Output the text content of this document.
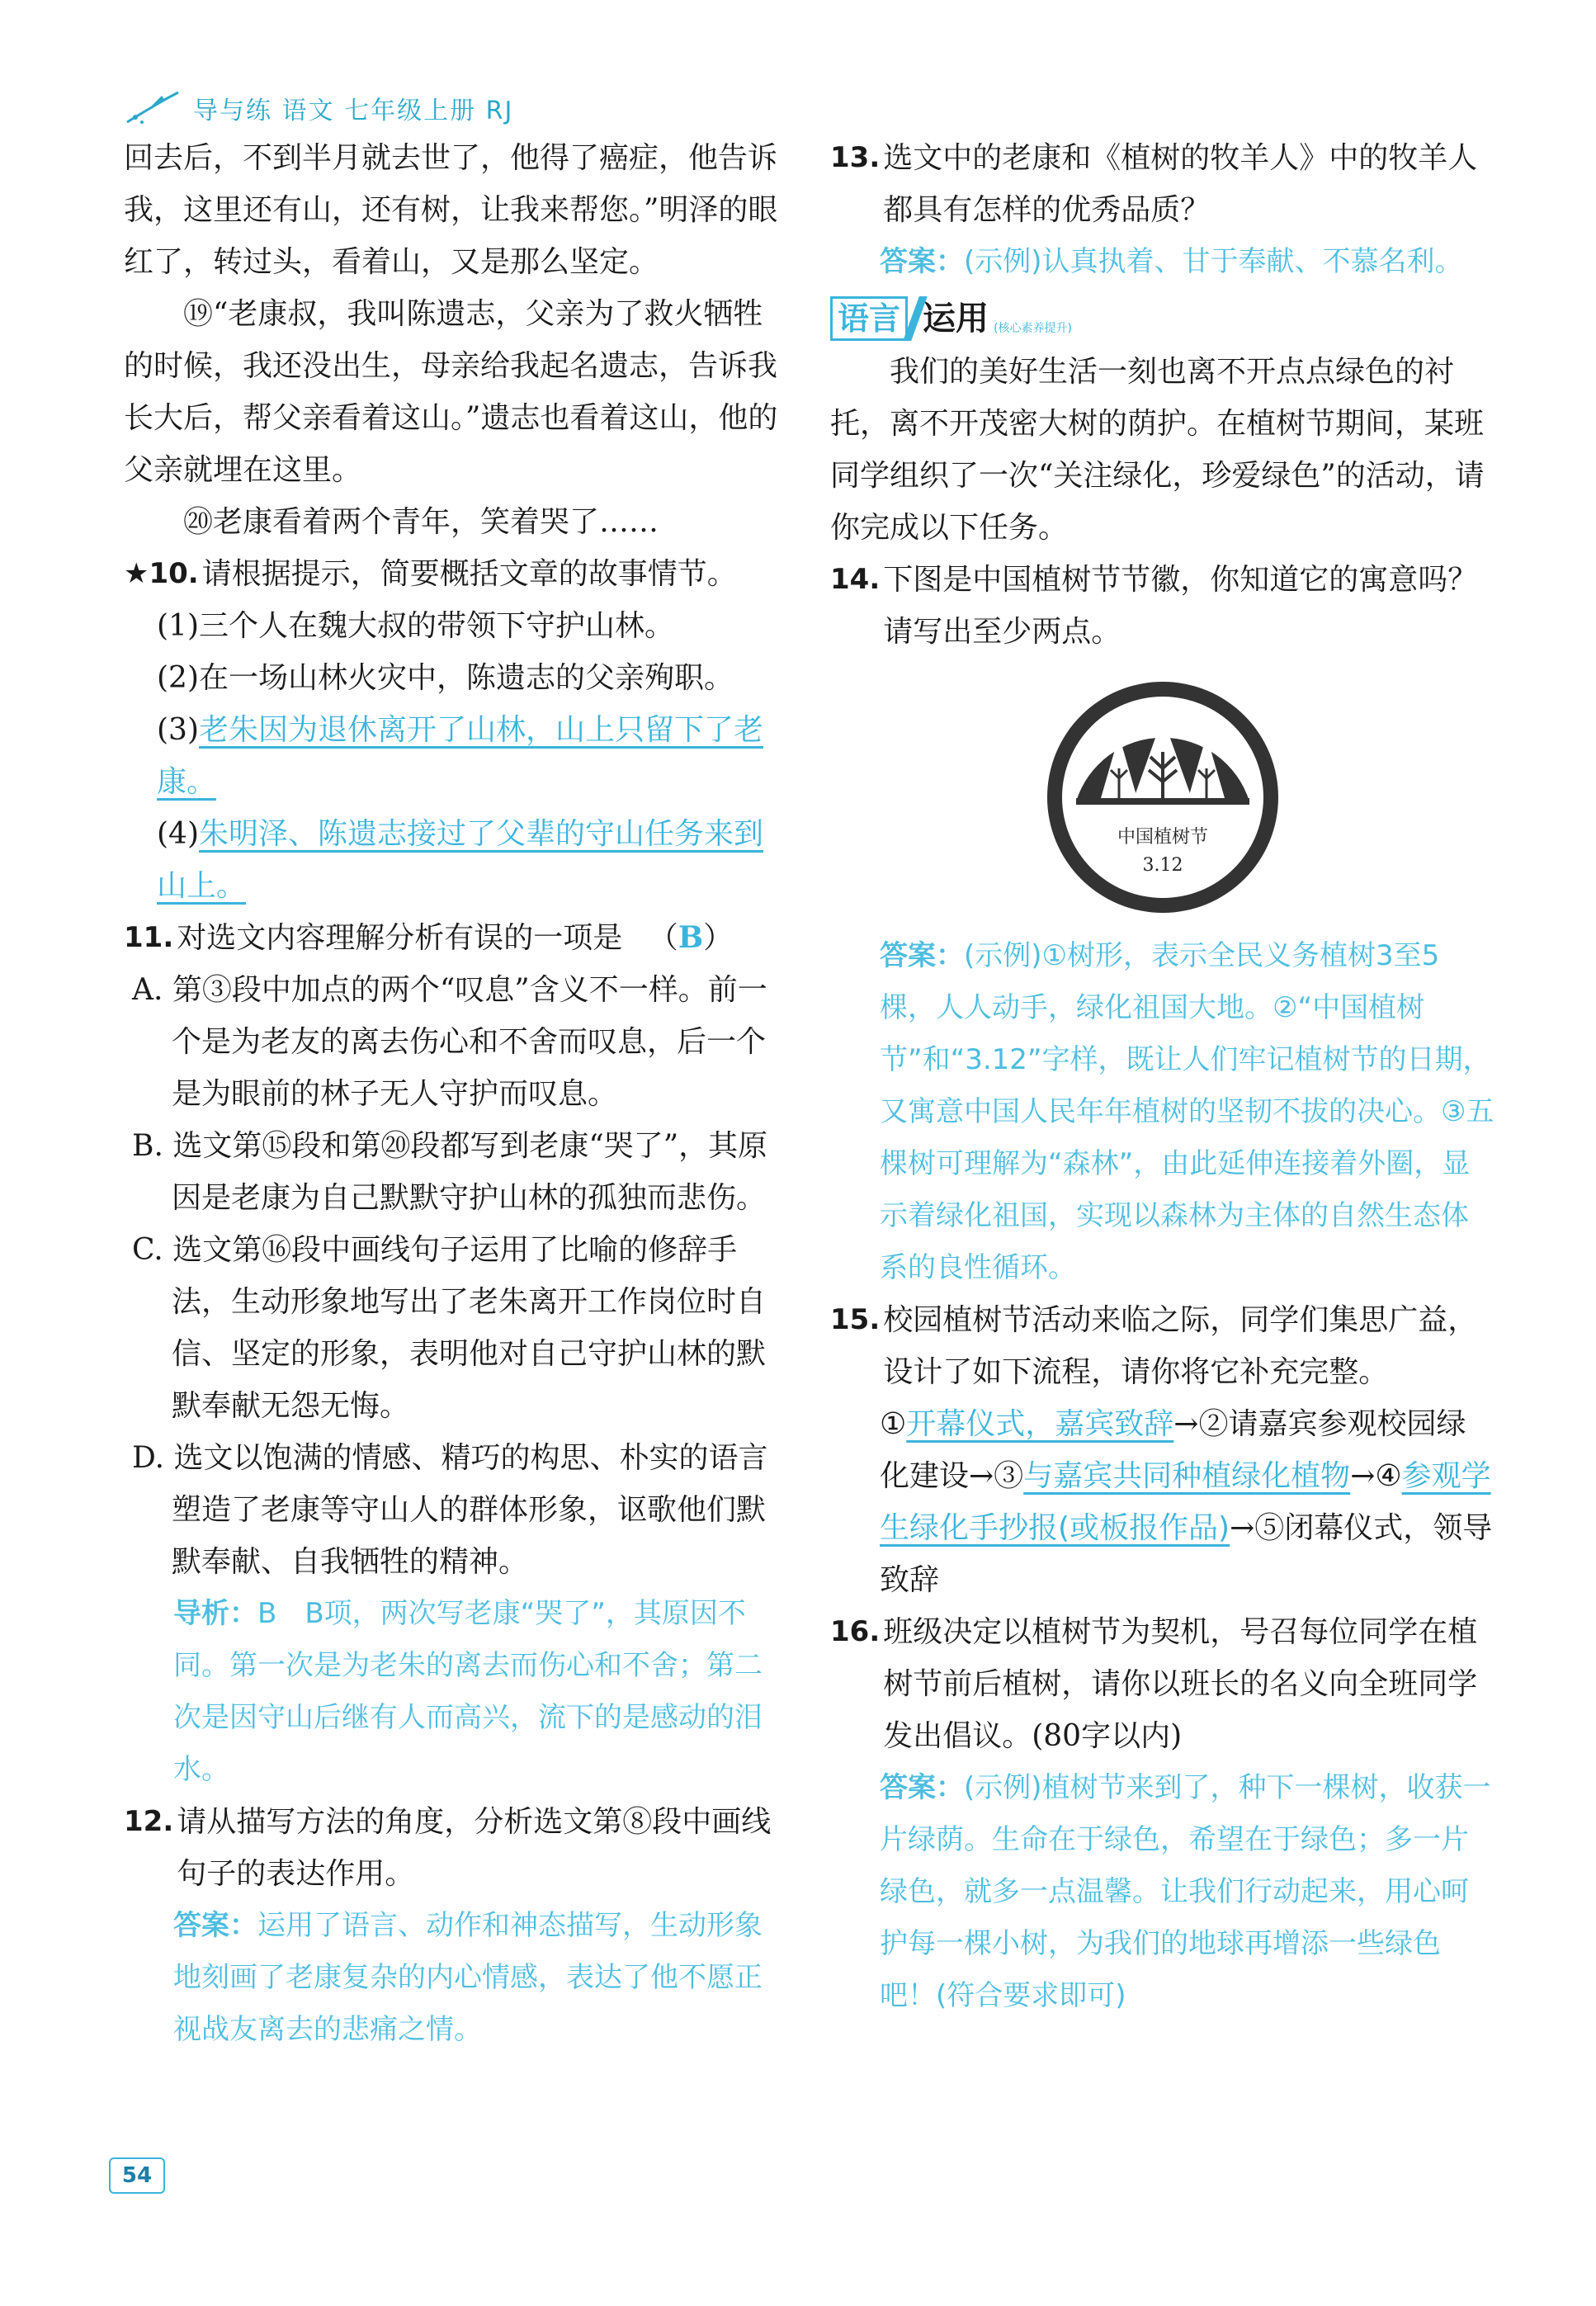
导与练 语文 七年级上册 RJ

回去后，不到半月就去世了，他得了癌症，他告诉我，这里还有山，还有树，让我来帮您。”明泽的眼红了，转过头，看着山，又是那么坚定。

⑲“老康叔，我叫陈遗志，父亲为了救火牺牲的时候，我还没出生，母亲给我起名遗志，告诉我长大后，帮父亲看着这山。”遗志也看着这山，他的父亲就埋在这里。

⑳老康看着两个青年，笑着哭了……

★10. 请根据提示，简要概括文章的故事情节。

(1)三个人在魏大叔的带领下守护山林。

(2)在一场山林火灾中，陈遗志的父亲殉职。

(3)老朱因为退休离开了山林，山上只留下了老康。

(4)朱明泽、陈遗志接过了父辈的守山任务来到山上。

11. 对选文内容理解分析有误的一项是 （B）

A. 第③段中加点的两个“叹息”含义不一样。前一个是为老友的离去伤心和不舍而叹息，后一个是为眼前的林子无人守护而叹息。

B. 选文第⑮段和第⑳段都写到老康“哭了”，其原因是老康为自己默默守护山林的孤独而悲伤。

C. 选文第⑯段中画线句子运用了比喻的修辞手法，生动形象地写出了老朱离开工作岗位时自信、坚定的形象，表明他对自己守护山林的默默奉献无怨无悔。

D. 选文以饱满的情感、精巧的构思、朴实的语言塑造了老康等守山人的群体形象，讴歌他们默默奉献、自我牺牲的精神。

导析：B　B项，两次写老康“哭了”，其原因不同。第一次是为老朱的离去而伤心和不舍；第二次是因守山后继有人而高兴，流下的是感动的泪水。

12. 请从描写方法的角度，分析选文第⑧段中画线句子的表达作用。

答案：运用了语言、动作和神态描写，生动形象地刻画了老康复杂的内心情感，表达了他不愿正视战友离去的悲痛之情。

13. 选文中的老康和《植树的牧羊人》中的牧羊人都具有怎样的优秀品质？

答案：(示例)认真执着、甘于奉献、不慕名利。

语言 运用 (核心素养提升)

我们的美好生活一刻也离不开点点绿色的衬托，离不开茂密大树的荫护。在植树节期间，某班同学组织了一次“关注绿化，珍爱绿色”的活动，请你完成以下任务。

14. 下图是中国植树节节徽，你知道它的寓意吗？请写出至少两点。
中国植树节
3.12

答案：(示例)①树形，表示全民义务植树3至5棵，人人动手，绿化祖国大地。②“中国植树节”和“3.12”字样，既让人们牢记植树节的日期，又寓意中国人民年年植树的坚韧不拔的决心。③五棵树可理解为“森林”，由此延伸连接着外圈，显示着绿化祖国，实现以森林为主体的自然生态体系的良性循环。

15. 校园植树节活动来临之际，同学们集思广益，设计了如下流程，请你将它补充完整。

①开幕仪式，嘉宾致辞→②请嘉宾参观校园绿化建设→③与嘉宾共同种植绿化植物→④参观学生绿化手抄报(或板报作品)→⑤闭幕仪式，领导致辞

16. 班级决定以植树节为契机，号召每位同学在植树节前后植树，请你以班长的名义向全班同学发出倡议。(80字以内)

答案：(示例)植树节来到了，种下一棵树，收获一片绿荫。生命在于绿色，希望在于绿色；多一片绿色，就多一点温馨。让我们行动起来，用心呵护每一棵小树，为我们的地球再增添一些绿色吧！(符合要求即可)

54
